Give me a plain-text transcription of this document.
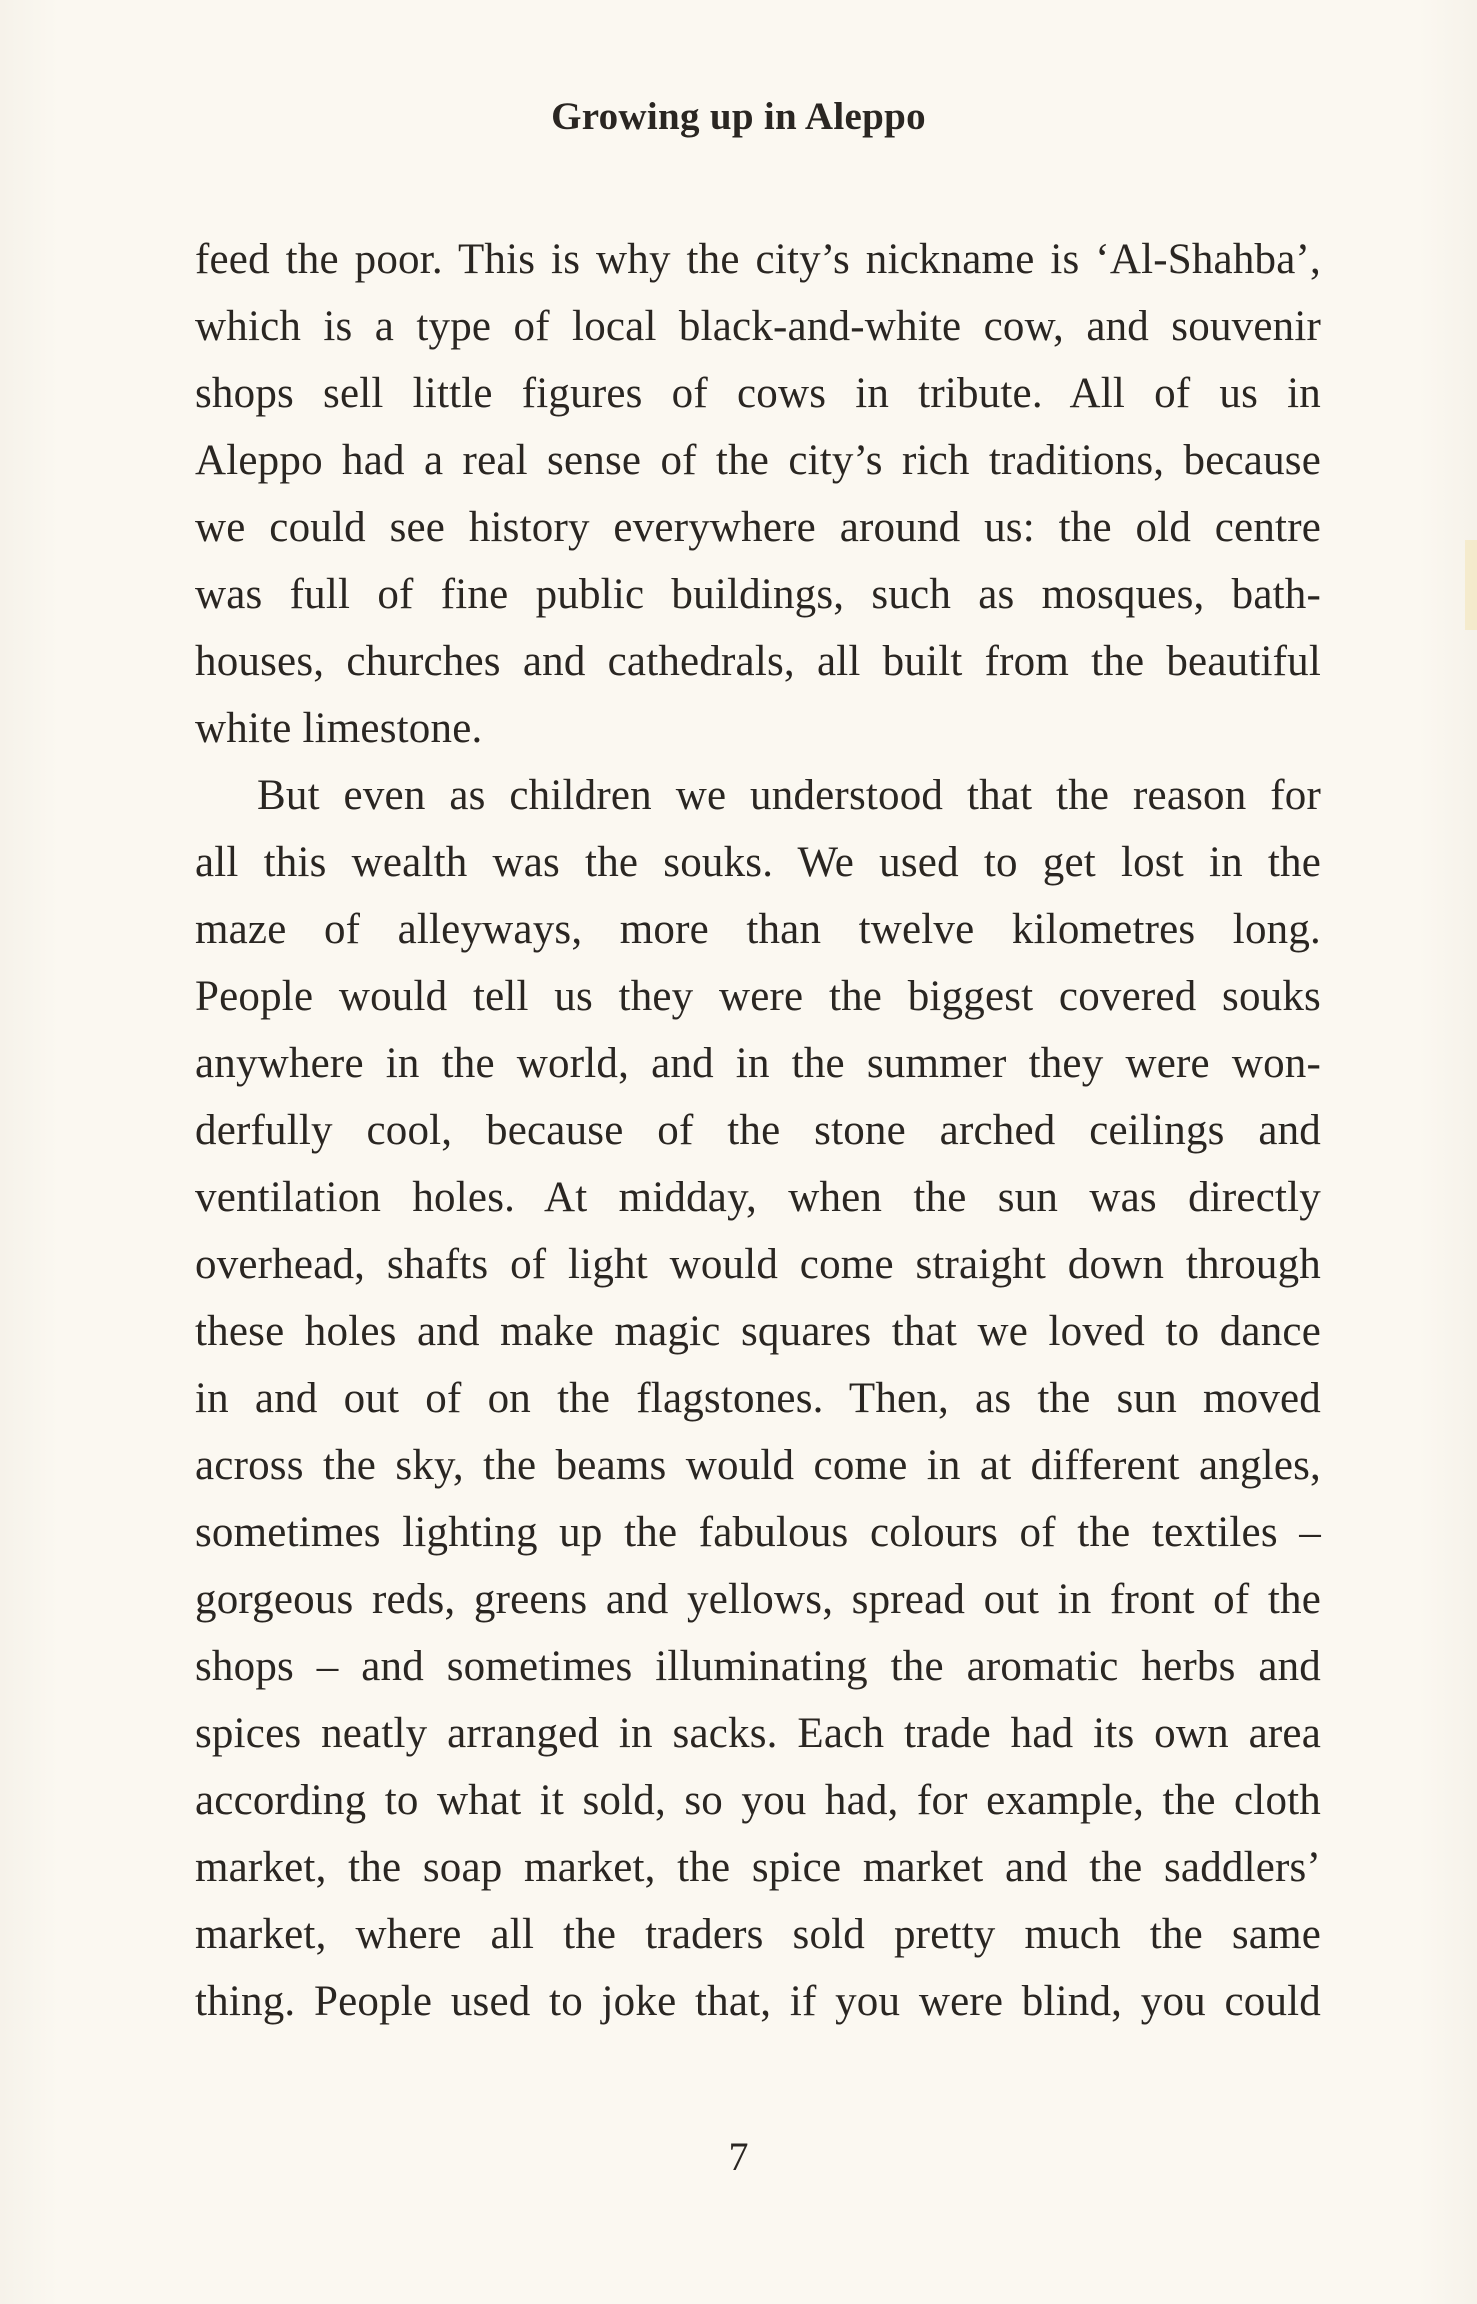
Growing up in Aleppo

feed the poor. This is why the city’s nickname is ‘Al-Shahba’,
which is a type of local black-and-white cow, and souvenir
shops sell little figures of cows in tribute. All of us in
Aleppo had a real sense of the city’s rich traditions, because
we could see history everywhere around us: the old centre
was full of fine public buildings, such as mosques, bath-
houses, churches and cathedrals, all built from the beautiful
white limestone.

But even as children we understood that the reason for
all this wealth was the souks. We used to get lost in the
maze of alleyways, more than twelve kilometres long.
People would tell us they were the biggest covered souks
anywhere in the world, and in the summer they were won-
derfully cool, because of the stone arched ceilings and
ventilation holes. At midday, when the sun was directly
overhead, shafts of light would come straight down through
these holes and make magic squares that we loved to dance
in and out of on the flagstones. Then, as the sun moved
across the sky, the beams would come in at different angles,
sometimes lighting up the fabulous colours of the textiles –
gorgeous reds, greens and yellows, spread out in front of the
shops – and sometimes illuminating the aromatic herbs and
spices neatly arranged in sacks. Each trade had its own area
according to what it sold, so you had, for example, the cloth
market, the soap market, the spice market and the saddlers’
market, where all the traders sold pretty much the same
thing. People used to joke that, if you were blind, you could

7
